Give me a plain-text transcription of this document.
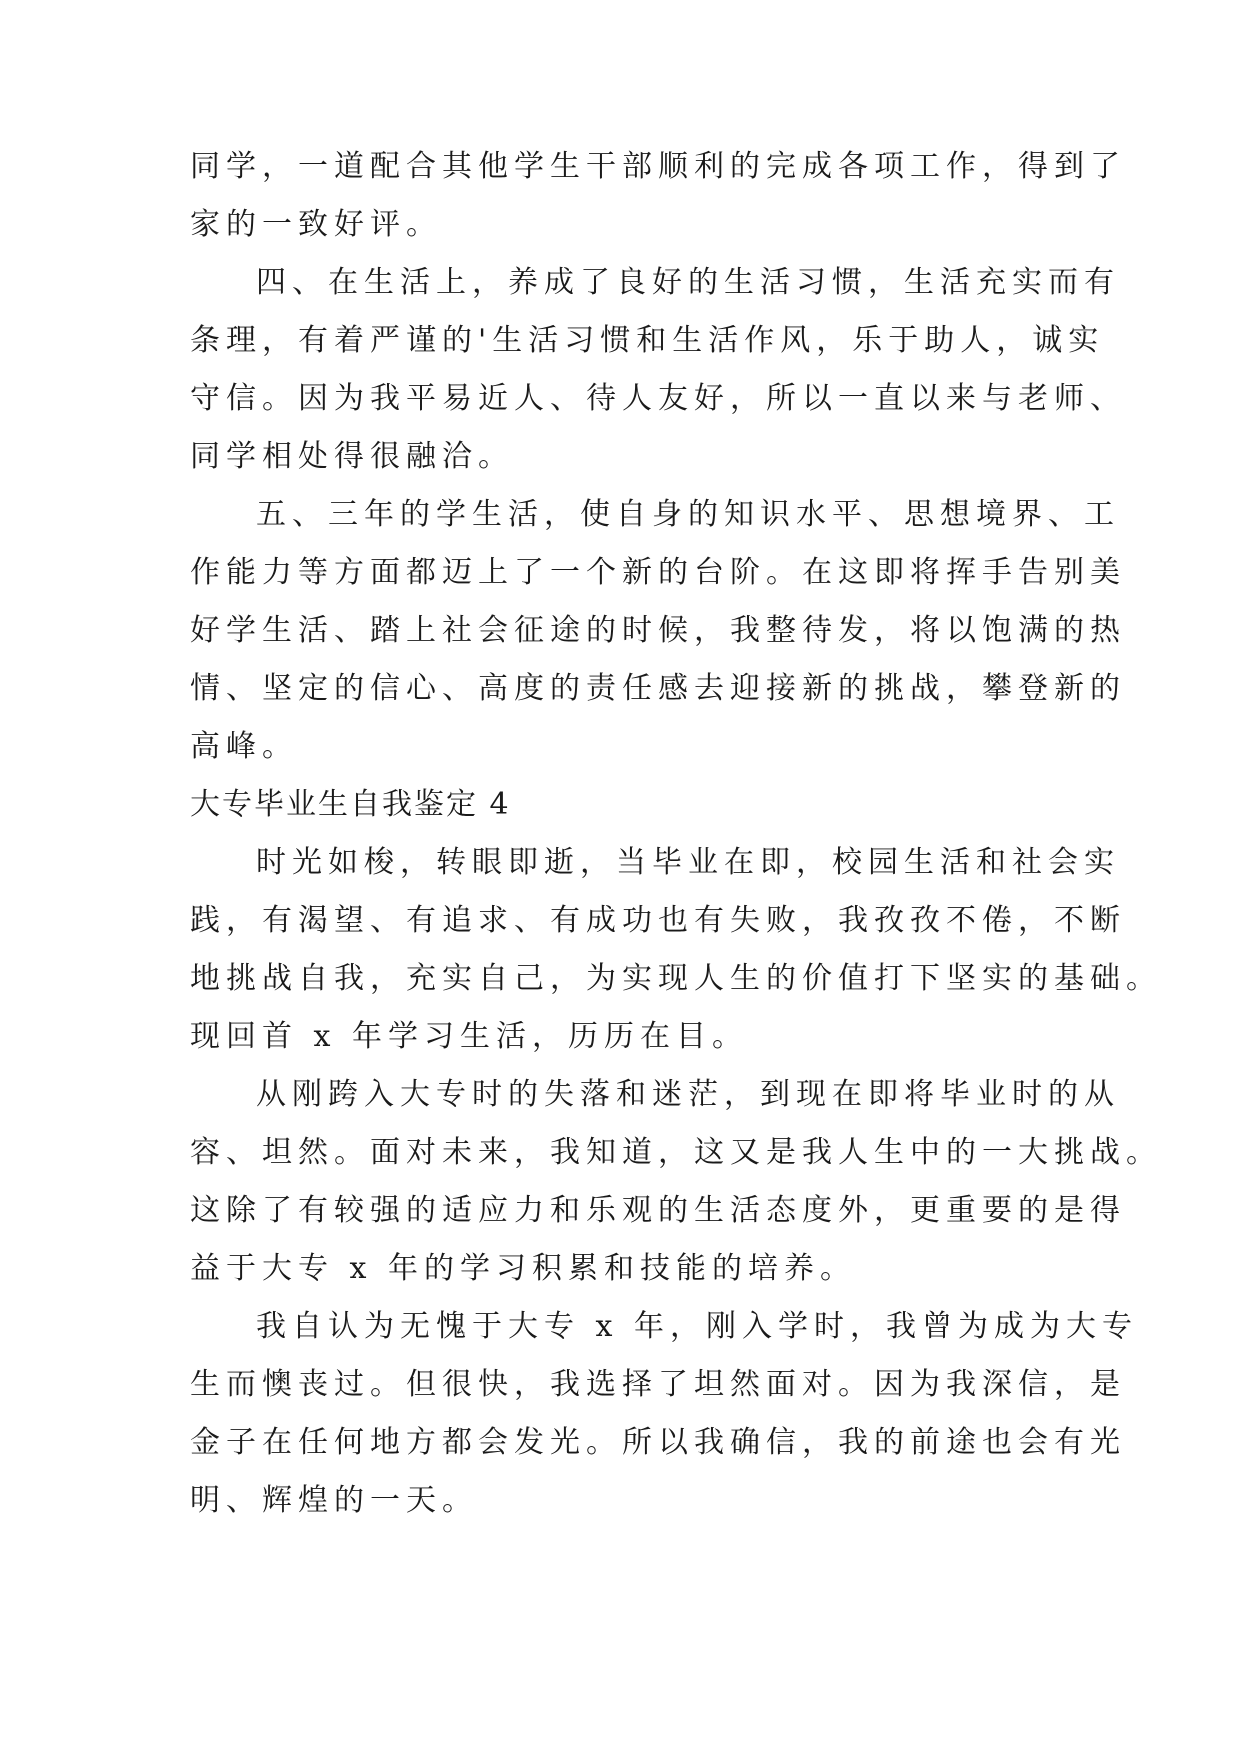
同学，一道配合其他学生干部顺利的完成各项工作，得到了
家的一致好评。
四、在生活上，养成了良好的生活习惯，生活充实而有
条理，有着严谨的'生活习惯和生活作风，乐于助人，诚实
守信。因为我平易近人、待人友好，所以一直以来与老师、
同学相处得很融洽。
五、三年的学生活，使自身的知识水平、思想境界、工
作能力等方面都迈上了一个新的台阶。在这即将挥手告别美
好学生活、踏上社会征途的时候，我整待发，将以饱满的热
情、坚定的信心、高度的责任感去迎接新的挑战，攀登新的
高峰。
大专毕业生自我鉴定 4
时光如梭，转眼即逝，当毕业在即，校园生活和社会实
践，有渴望、有追求、有成功也有失败，我孜孜不倦，不断
地挑战自我，充实自己，为实现人生的价值打下坚实的基础。
现回首 x 年学习生活，历历在目。
从刚跨入大专时的失落和迷茫，到现在即将毕业时的从
容、坦然。面对未来，我知道，这又是我人生中的一大挑战。
这除了有较强的适应力和乐观的生活态度外，更重要的是得
益于大专 x 年的学习积累和技能的培养。
我自认为无愧于大专 x 年，刚入学时，我曾为成为大专
生而懊丧过。但很快，我选择了坦然面对。因为我深信，是
金子在任何地方都会发光。所以我确信，我的前途也会有光
明、辉煌的一天。
